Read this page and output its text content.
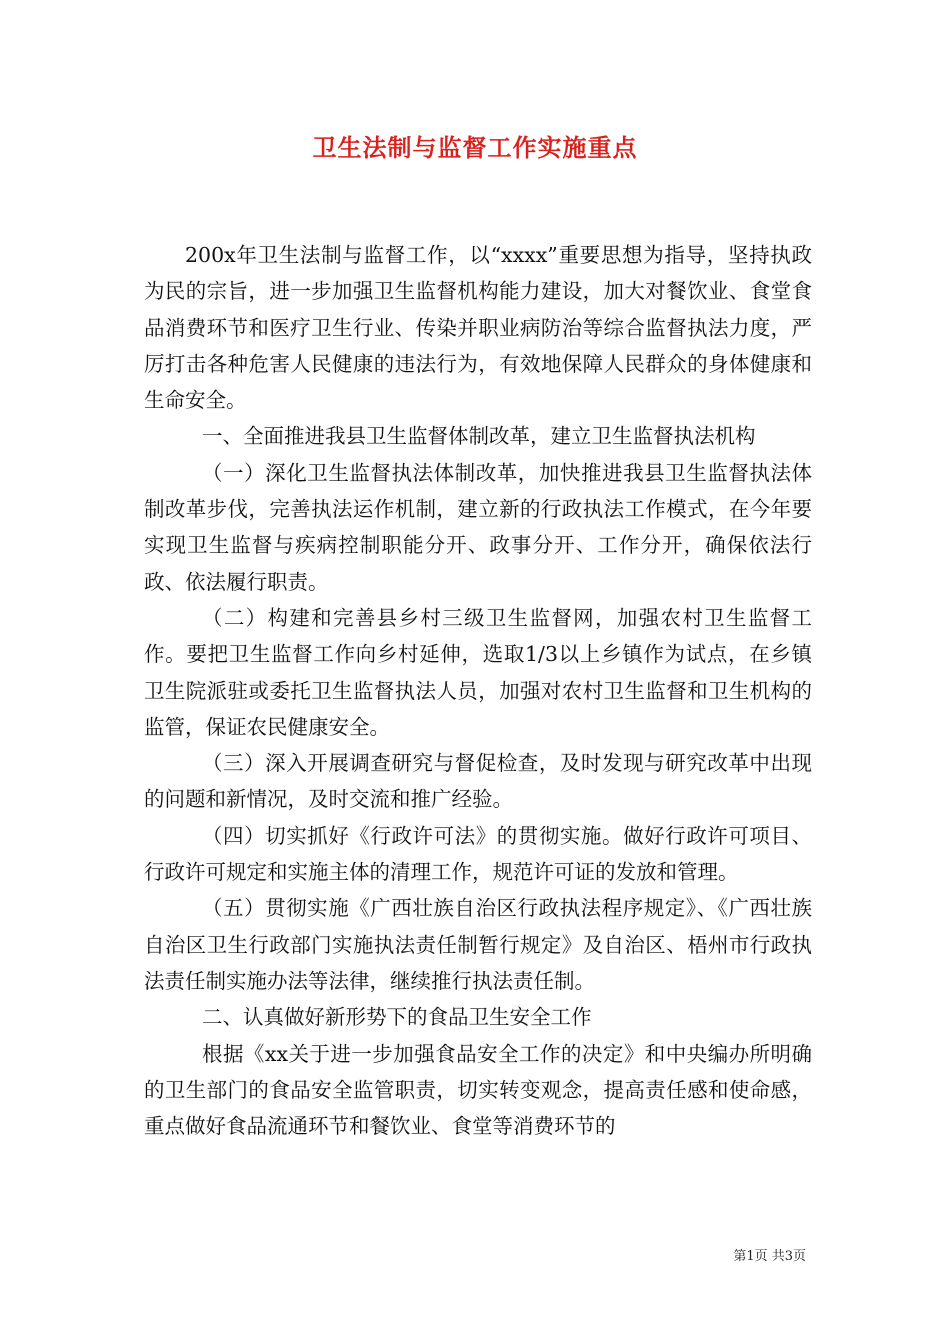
卫生法制与监督工作实施重点

200x年卫生法制与监督工作，以“xxxx”重要思想为指导，坚持执政为民的宗旨，进一步加强卫生监督机构能力建设，加大对餐饮业、食堂食品消费环节和医疗卫生行业、传染并职业病防治等综合监督执法力度，严厉打击各种危害人民健康的违法行为，有效地保障人民群众的身体健康和生命安全。

一、全面推进我县卫生监督体制改革，建立卫生监督执法机构

（一）深化卫生监督执法体制改革，加快推进我县卫生监督执法体制改革步伐，完善执法运作机制，建立新的行政执法工作模式，在今年要实现卫生监督与疾病控制职能分开、政事分开、工作分开，确保依法行政、依法履行职责。

（二）构建和完善县乡村三级卫生监督网，加强农村卫生监督工作。要把卫生监督工作向乡村延伸，选取1/3以上乡镇作为试点，在乡镇卫生院派驻或委托卫生监督执法人员，加强对农村卫生监督和卫生机构的监管，保证农民健康安全。

（三）深入开展调查研究与督促检查，及时发现与研究改革中出现的问题和新情况，及时交流和推广经验。

（四）切实抓好《行政许可法》的贯彻实施。做好行政许可项目、行政许可规定和实施主体的清理工作，规范许可证的发放和管理。

（五）贯彻实施《广西壮族自治区行政执法程序规定》、《广西壮族自治区卫生行政部门实施执法责任制暂行规定》及自治区、梧州市行政执法责任制实施办法等法律，继续推行执法责任制。

二、认真做好新形势下的食品卫生安全工作

根据《xx关于进一步加强食品安全工作的决定》和中央编办所明确的卫生部门的食品安全监管职责，切实转变观念，提高责任感和使命感，重点做好食品流通环节和餐饮业、食堂等消费环节的

第1页 共3页
